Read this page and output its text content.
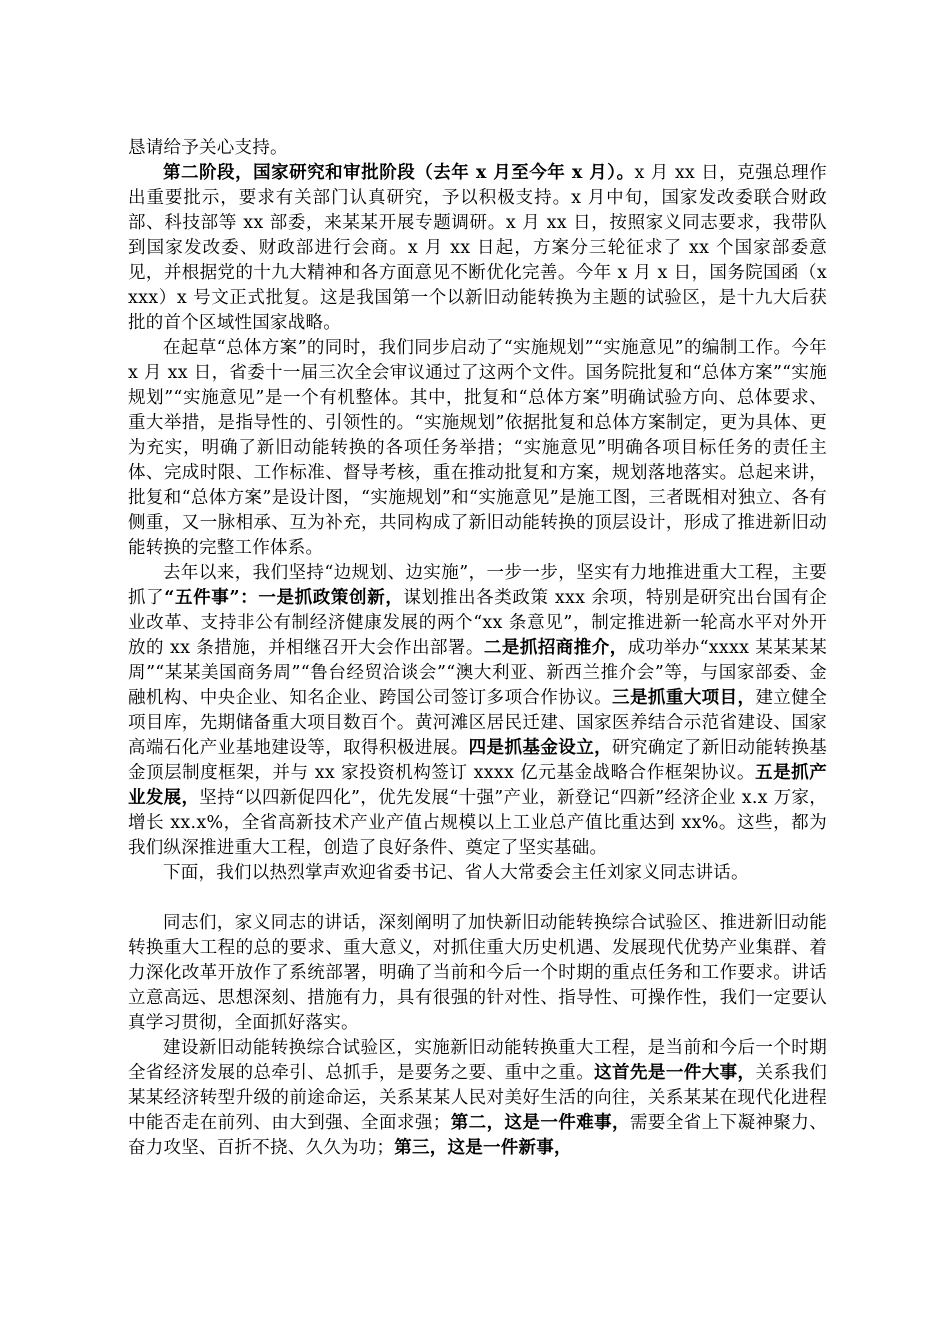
恳请给予关心支持。

第二阶段，国家研究和审批阶段（去年 x 月至今年 x 月）。x 月 xx 日，克强总理作出重要批示，要求有关部门认真研究，予以积极支持。x 月中旬，国家发改委联合财政部、科技部等 xx 部委，来某某开展专题调研。x 月 xx 日，按照家义同志要求，我带队到国家发改委、财政部进行会商。x 月 xx 日起，方案分三轮征求了 xx 个国家部委意见，并根据党的十九大精神和各方面意见不断优化完善。今年 x 月 x 日，国务院国函（xxxx）x 号文正式批复。这是我国第一个以新旧动能转换为主题的试验区，是十九大后获批的首个区域性国家战略。

在起草“总体方案”的同时，我们同步启动了“实施规划”“实施意见”的编制工作。今年 x 月 xx 日，省委十一届三次全会审议通过了这两个文件。国务院批复和“总体方案”“实施规划”“实施意见”是一个有机整体。其中，批复和“总体方案”明确试验方向、总体要求、重大举措，是指导性的、引领性的。“实施规划”依据批复和总体方案制定，更为具体、更为充实，明确了新旧动能转换的各项任务举措；“实施意见”明确各项目标任务的责任主体、完成时限、工作标准、督导考核，重在推动批复和方案，规划落地落实。总起来讲，批复和“总体方案”是设计图，“实施规划”和“实施意见”是施工图，三者既相对独立、各有侧重，又一脉相承、互为补充，共同构成了新旧动能转换的顶层设计，形成了推进新旧动能转换的完整工作体系。

去年以来，我们坚持“边规划、边实施”，一步一步，坚实有力地推进重大工程，主要抓了“五件事”：一是抓政策创新，谋划推出各类政策 xxx 余项，特别是研究出台国有企业改革、支持非公有制经济健康发展的两个“xx 条意见”，制定推进新一轮高水平对外开放的 xx 条措施，并相继召开大会作出部署。二是抓招商推介，成功举办“xxxx 某某某某周”“某某美国商务周”“鲁台经贸洽谈会”“澳大利亚、新西兰推介会”等，与国家部委、金融机构、中央企业、知名企业、跨国公司签订多项合作协议。三是抓重大项目，建立健全项目库，先期储备重大项目数百个。黄河滩区居民迁建、国家医养结合示范省建设、国家高端石化产业基地建设等，取得积极进展。四是抓基金设立，研究确定了新旧动能转换基金顶层制度框架，并与 xx 家投资机构签订 xxxx 亿元基金战略合作框架协议。五是抓产业发展，坚持“以四新促四化”，优先发展“十强”产业，新登记“四新”经济企业 x.x 万家，增长 xx.x%，全省高新技术产业产值占规模以上工业总产值比重达到 xx%。这些，都为我们纵深推进重大工程，创造了良好条件、奠定了坚实基础。

下面，我们以热烈掌声欢迎省委书记、省人大常委会主任刘家义同志讲话。

同志们，家义同志的讲话，深刻阐明了加快新旧动能转换综合试验区、推进新旧动能转换重大工程的总的要求、重大意义，对抓住重大历史机遇、发展现代优势产业集群、着力深化改革开放作了系统部署，明确了当前和今后一个时期的重点任务和工作要求。讲话立意高远、思想深刻、措施有力，具有很强的针对性、指导性、可操作性，我们一定要认真学习贯彻，全面抓好落实。

建设新旧动能转换综合试验区，实施新旧动能转换重大工程，是当前和今后一个时期全省经济发展的总牵引、总抓手，是要务之要、重中之重。这首先是一件大事，关系我们某某经济转型升级的前途命运，关系某某人民对美好生活的向往，关系某某在现代化进程中能否走在前列、由大到强、全面求强；第二，这是一件难事，需要全省上下凝神聚力、奋力攻坚、百折不挠、久久为功；第三，这是一件新事，
